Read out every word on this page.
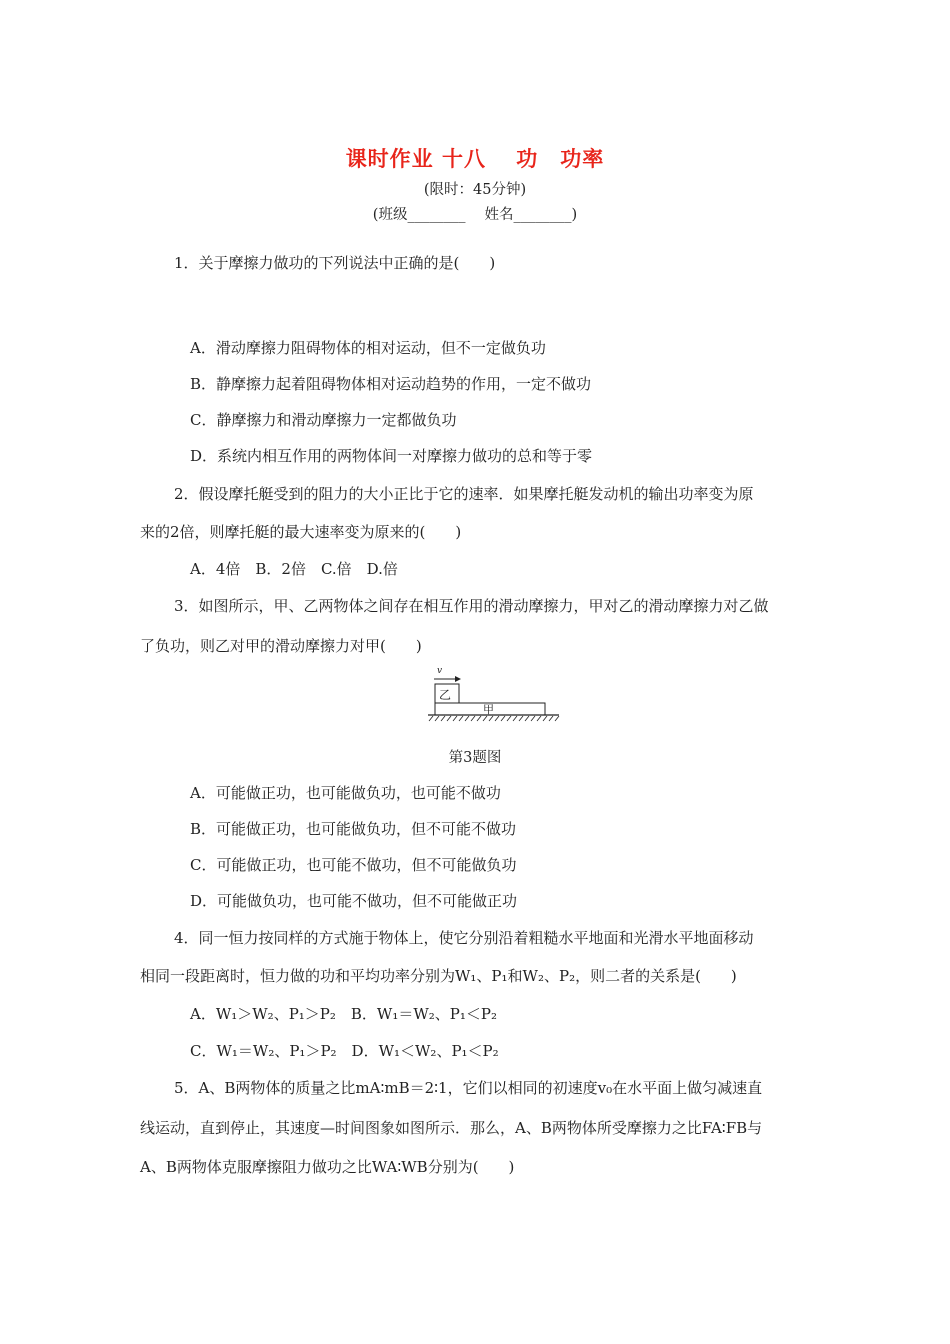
课时作业 十八　 功　功率
(限时：45分钟)
(班级________　 姓名________)
1．关于摩擦力做功的下列说法中正确的是(　　)
A．滑动摩擦力阻碍物体的相对运动，但不一定做负功
B．静摩擦力起着阻碍物体相对运动趋势的作用，一定不做功
C．静摩擦力和滑动摩擦力一定都做负功
D．系统内相互作用的两物体间一对摩擦力做功的总和等于零
2．假设摩托艇受到的阻力的大小正比于它的速率．如果摩托艇发动机的输出功率变为原
来的2倍，则摩托艇的最大速率变为原来的(　　)
A．4倍　B．2倍　C.倍　D.倍
3．如图所示，甲、乙两物体之间存在相互作用的滑动摩擦力，甲对乙的滑动摩擦力对乙做
了负功，则乙对甲的滑动摩擦力对甲(　　)
v
乙
甲
第3题图
A．可能做正功，也可能做负功，也可能不做功
B．可能做正功，也可能做负功，但不可能不做功
C．可能做正功，也可能不做功，但不可能做负功
D．可能做负功，也可能不做功，但不可能做正功
4．同一恒力按同样的方式施于物体上，使它分别沿着粗糙水平地面和光滑水平地面移动
相同一段距离时，恒力做的功和平均功率分别为W₁、P₁和W₂、P₂，则二者的关系是(　　)
A．W₁＞W₂、P₁＞P₂　B．W₁＝W₂、P₁＜P₂
C．W₁＝W₂、P₁＞P₂　D．W₁＜W₂、P₁＜P₂
5．A、B两物体的质量之比mA∶mB＝2∶1，它们以相同的初速度v₀在水平面上做匀减速直
线运动，直到停止，其速度—时间图象如图所示．那么，A、B两物体所受摩擦力之比FA∶FB与
A、B两物体克服摩擦阻力做功之比WA∶WB分别为(　　)
